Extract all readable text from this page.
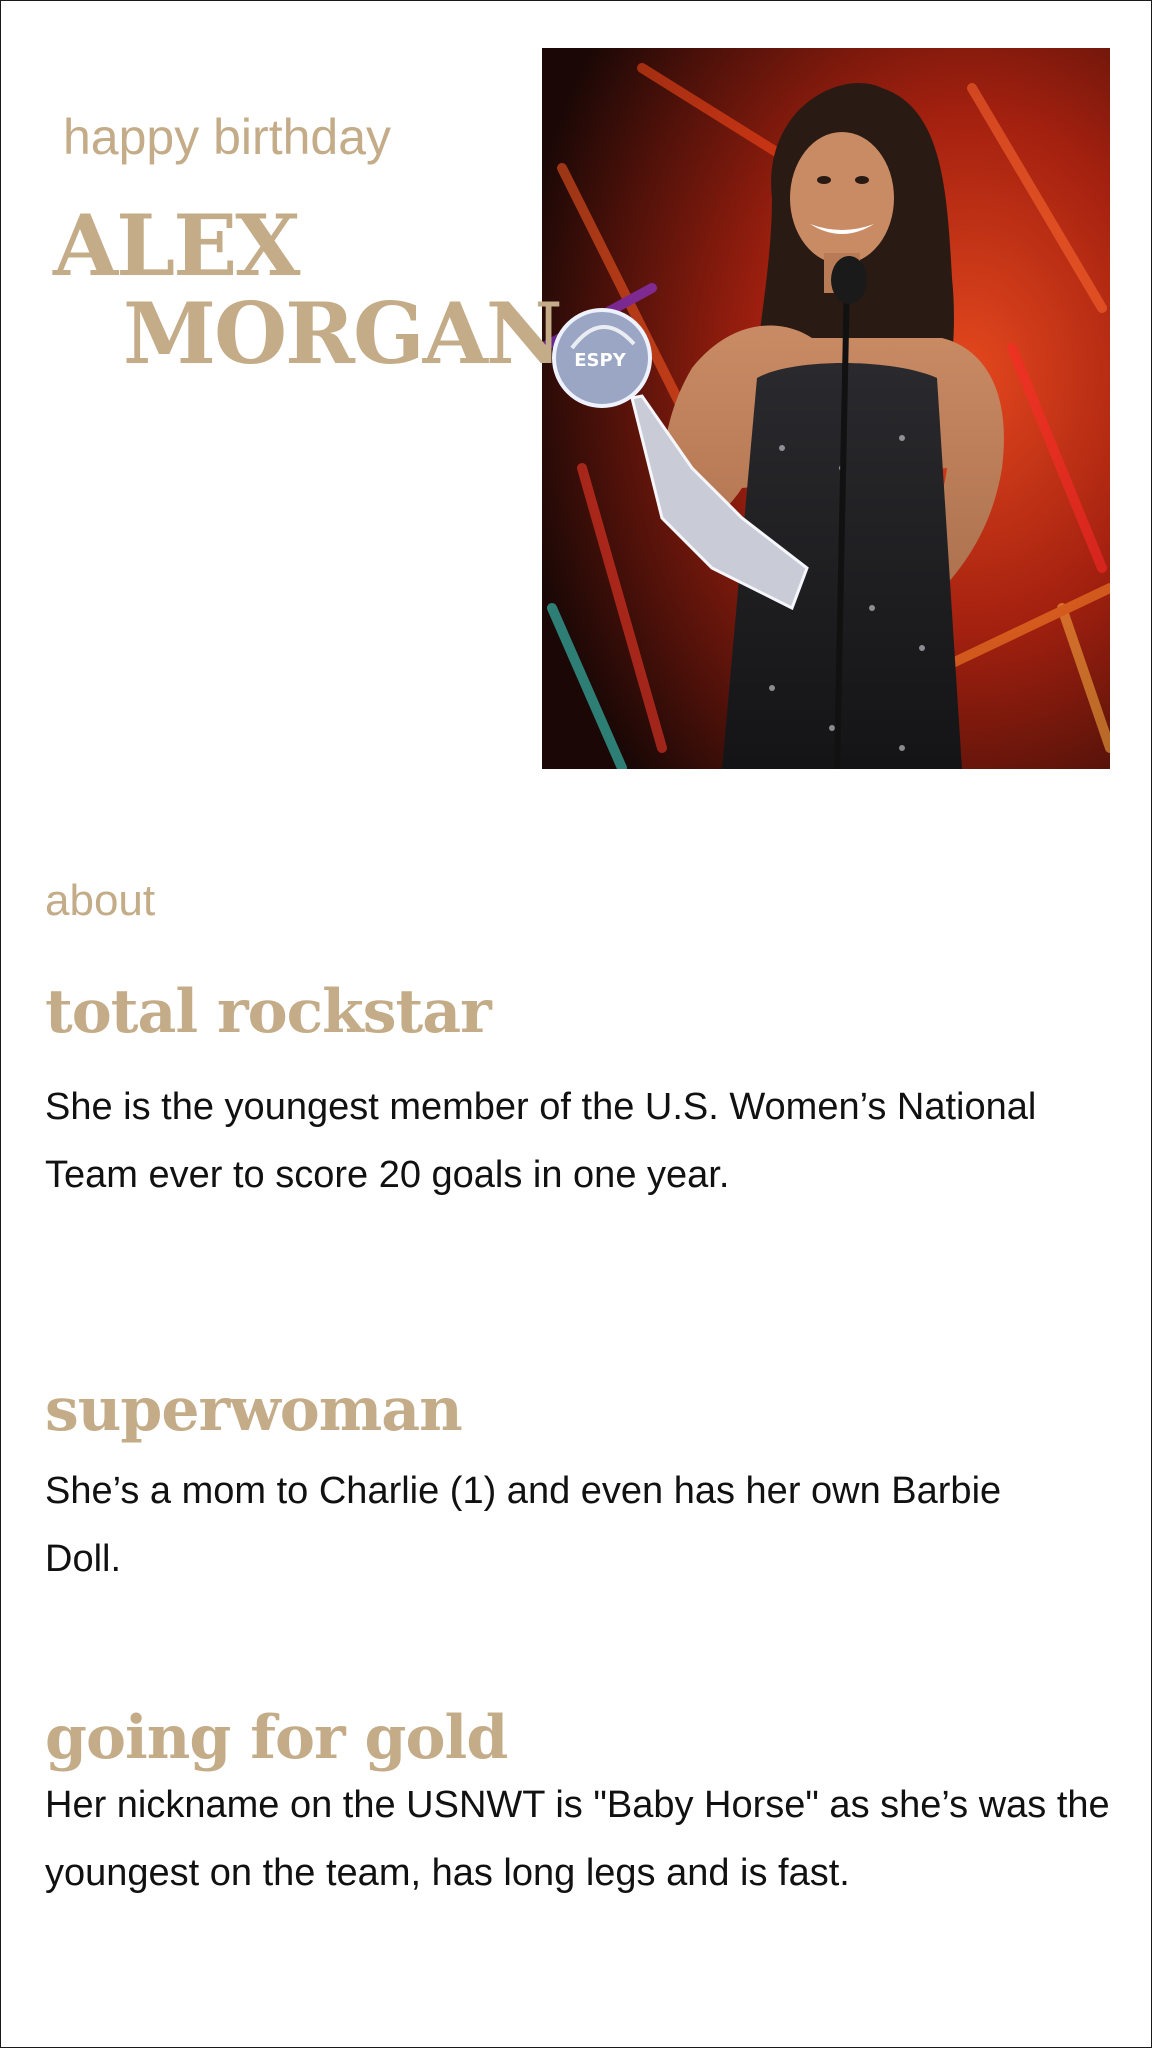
happy birthday

ALEX
MORGAN ESPY

about

total rockstar

She is the youngest member of the U.S. Women’s National Team ever to score 20 goals in one year.

superwoman

She’s a mom to Charlie (1) and even has her own Barbie Doll.

going for gold

Her nickname on the USNWT is "Baby Horse" as she’s was the youngest on the team, has long legs and is fast.
